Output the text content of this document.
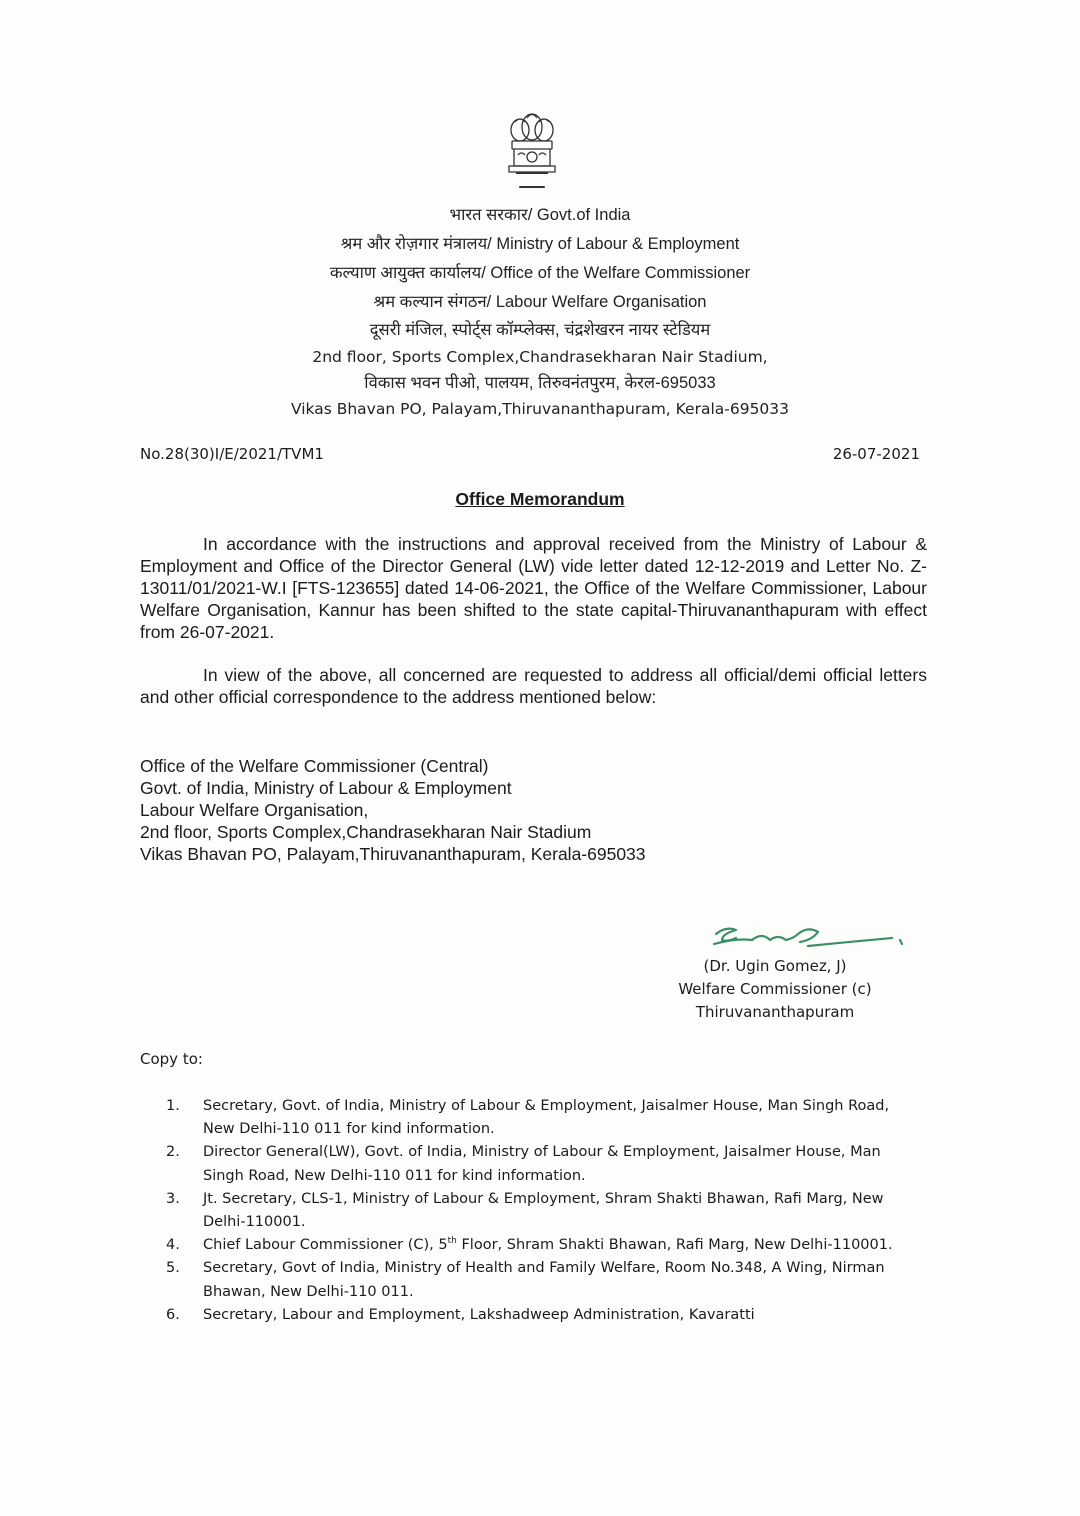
भारत सरकार/ Govt.of India
श्रम और रोज़गार मंत्रालय/ Ministry of Labour & Employment
कल्याण आयुक्त कार्यालय/ Office of the Welfare Commissioner
श्रम कल्यान संगठन/ Labour Welfare Organisation
दूसरी मंजिल, स्पोर्ट्स कॉम्प्लेक्स, चंद्रशेखरन नायर स्टेडियम
2nd floor, Sports Complex,Chandrasekharan Nair Stadium,
विकास भवन पीओ, पालयम, तिरुवनंतपुरम, केरल-695033
Vikas Bhavan PO, Palayam,Thiruvananthapuram, Kerala-695033
No.28(30)I/E/2021/TVM1	26-07-2021
Office Memorandum
In accordance with the instructions and approval received from the Ministry of Labour & Employment and Office of the Director General (LW) vide letter dated 12-12-2019 and Letter No. Z-13011/01/2021-W.I [FTS-123655] dated 14-06-2021, the Office of the Welfare Commissioner, Labour Welfare Organisation, Kannur has been shifted to the state capital-Thiruvananthapuram with effect from 26-07-2021.
In view of the above, all concerned are requested to address all official/demi official letters and other official correspondence to the address mentioned below:
Office of the Welfare Commissioner (Central)
Govt. of India, Ministry of Labour & Employment
Labour Welfare Organisation,
2nd floor, Sports Complex,Chandrasekharan Nair Stadium
Vikas Bhavan PO, Palayam,Thiruvananthapuram, Kerala-695033
(Dr. Ugin Gomez, J)
Welfare Commissioner (c)
Thiruvananthapuram
Copy to:
1. Secretary, Govt. of India, Ministry of Labour & Employment, Jaisalmer House, Man Singh Road, New Delhi-110 011 for kind information.
2. Director General(LW), Govt. of India, Ministry of Labour & Employment, Jaisalmer House, Man Singh Road, New Delhi-110 011 for kind information.
3. Jt. Secretary, CLS-1, Ministry of Labour & Employment, Shram Shakti Bhawan, Rafi Marg, New Delhi-110001.
4. Chief Labour Commissioner (C), 5th Floor, Shram Shakti Bhawan, Rafi Marg, New Delhi-110001.
5. Secretary, Govt of India, Ministry of Health and Family Welfare, Room No.348, A Wing, Nirman Bhawan, New Delhi-110 011.
6. Secretary, Labour and Employment, Lakshadweep Administration, Kavaratti
